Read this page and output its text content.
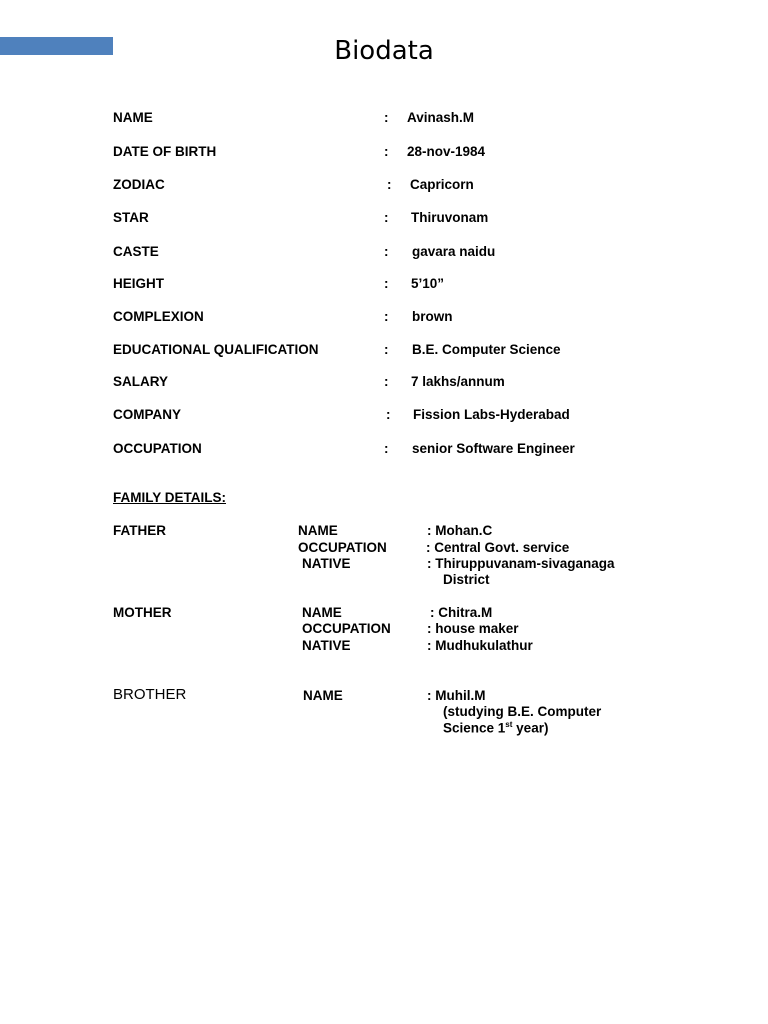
Biodata
NAME	: Avinash.M
DATE OF BIRTH	: 28-nov-1984
ZODIAC	: Capricorn
STAR	: Thiruvonam
CASTE	: gavara naidu
HEIGHT	: 5’10”
COMPLEXION	: brown
EDUCATIONAL QUALIFICATION	: B.E. Computer Science
SALARY	: 7 lakhs/annum
COMPANY	: Fission Labs-Hyderabad
OCCUPATION	: senior Software Engineer
FAMILY DETAILS:
FATHER	NAME	: Mohan.C
OCCUPATION	: Central Govt. service
NATIVE	: Thiruppuvanam-sivaganaga
District
MOTHER	NAME	: Chitra.M
OCCUPATION	: house maker
NATIVE	: Mudhukulathur
BROTHER	NAME	: Muhil.M
(studying B.E. Computer
Science 1st year)
